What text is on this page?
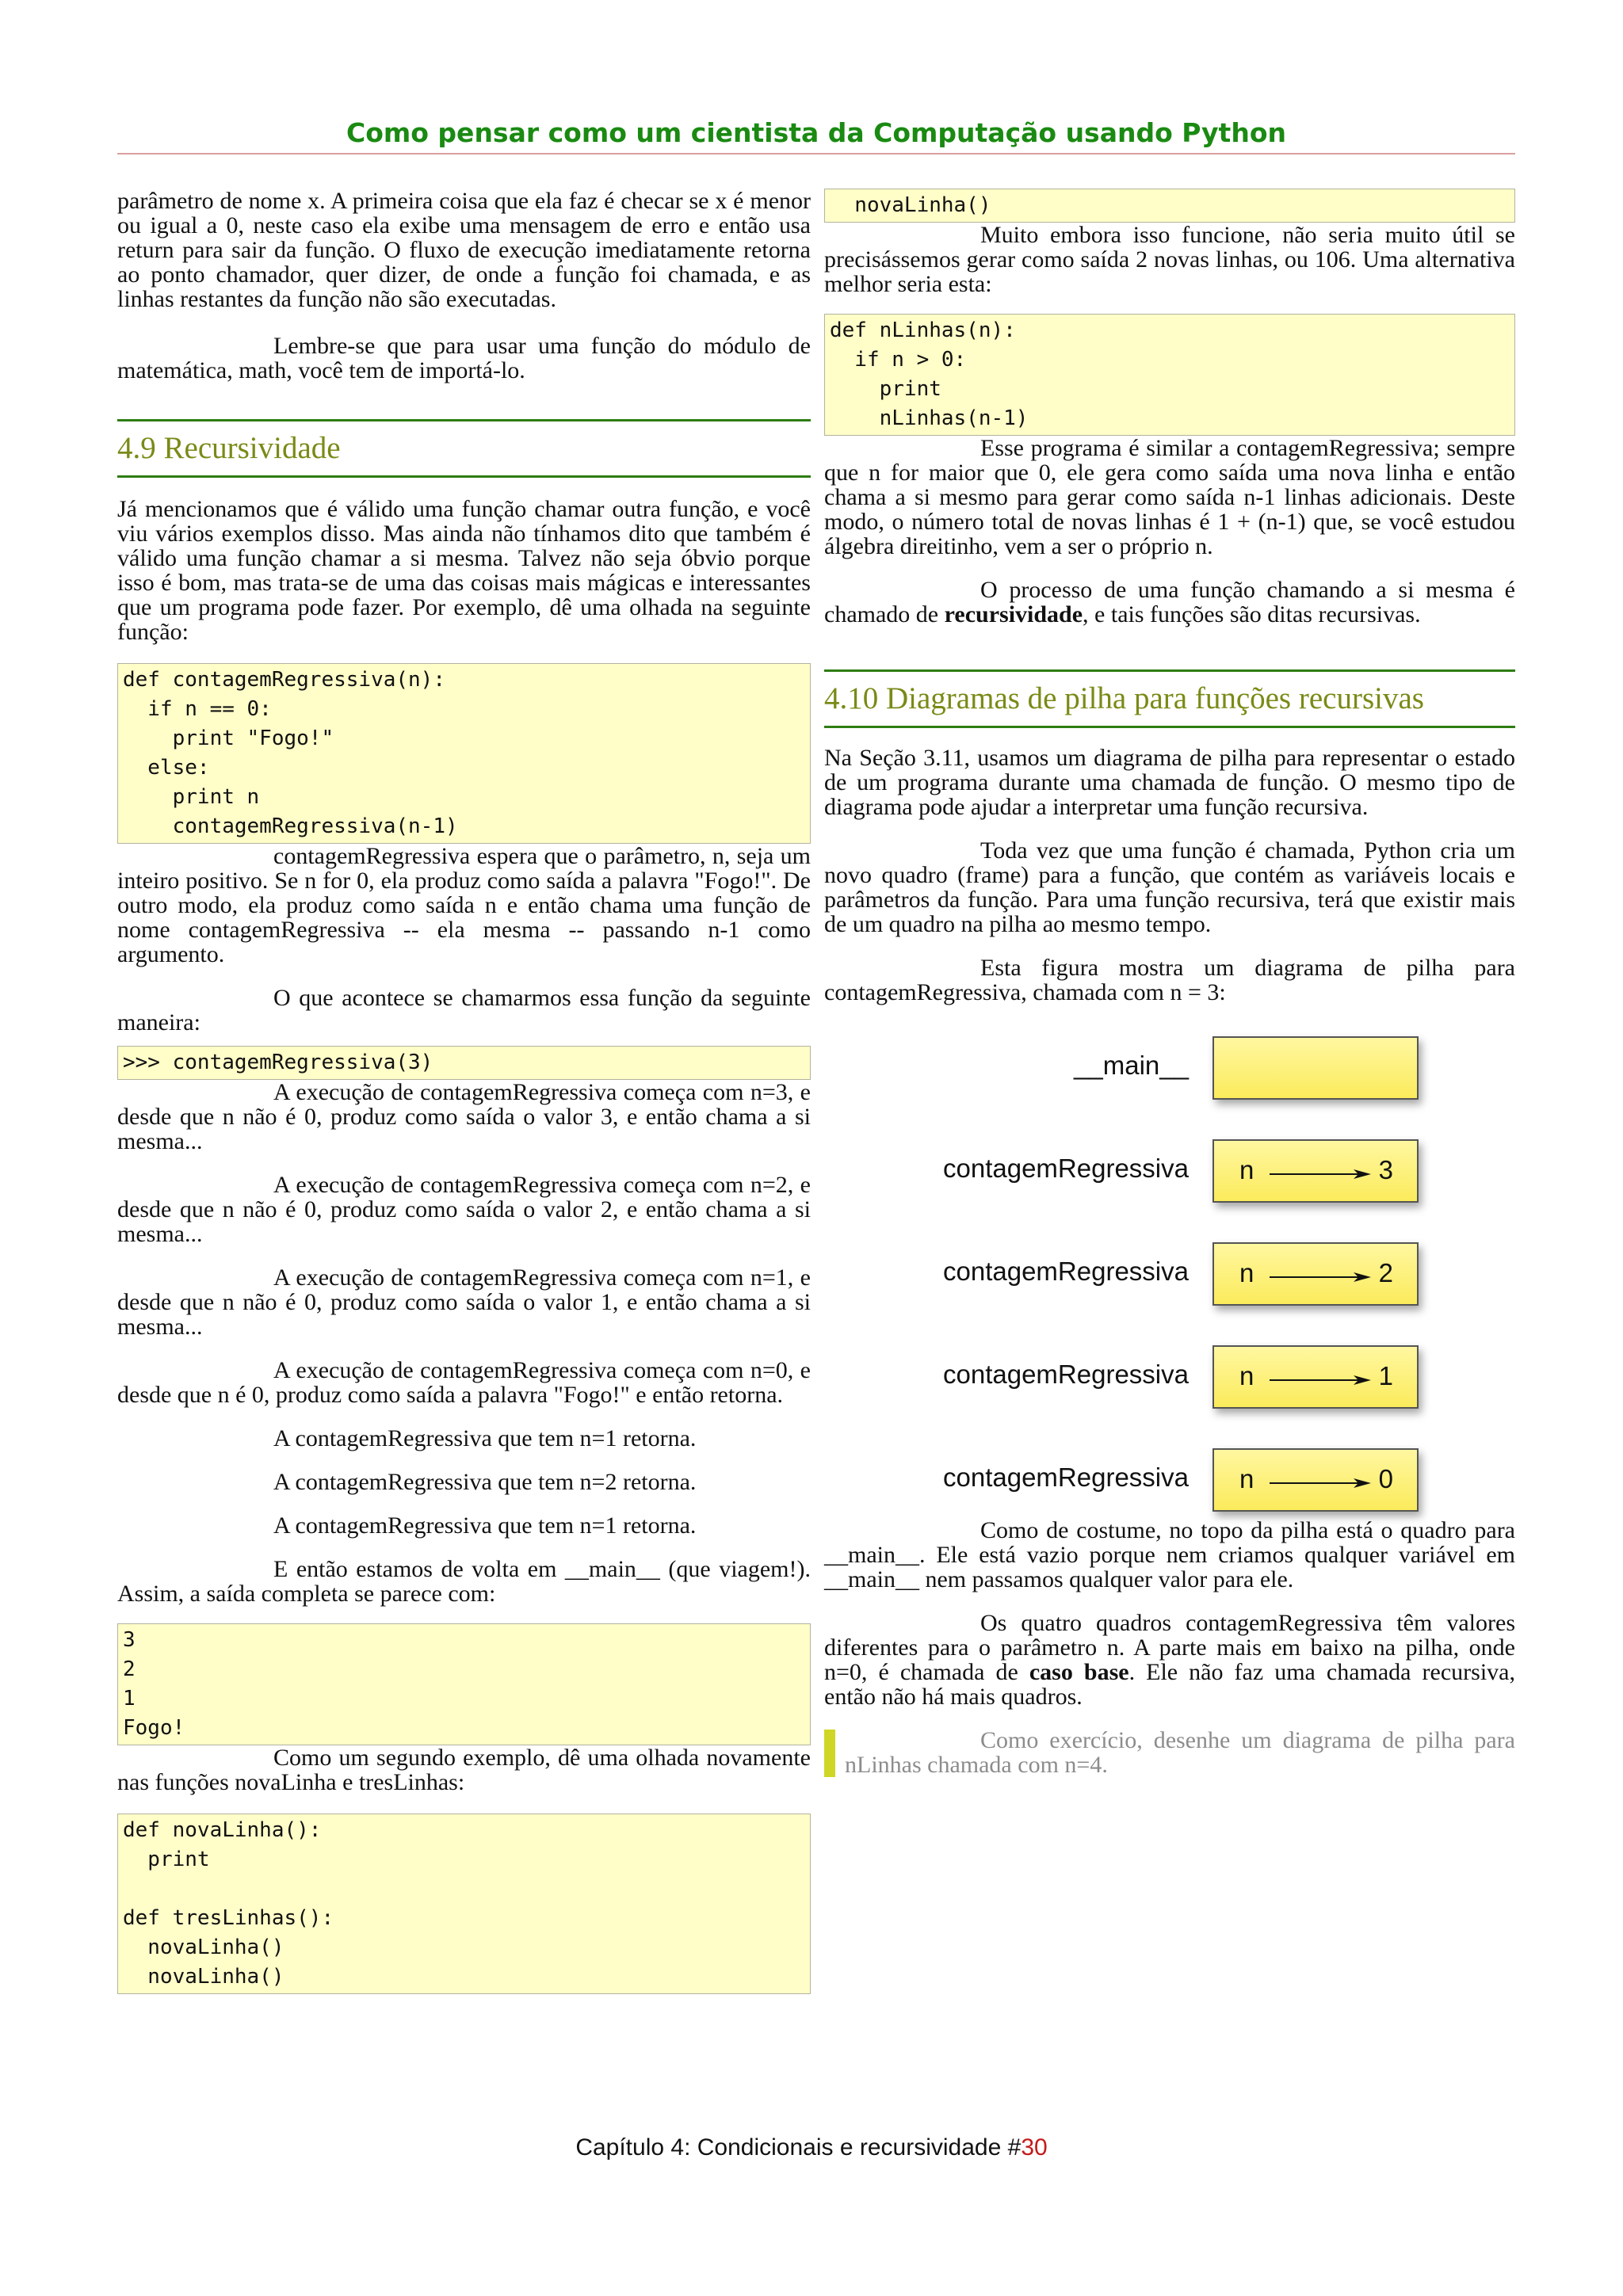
Como pensar como um cientista da Computação usando Python

parâmetro de nome x. A primeira coisa que ela faz é checar se x é menor ou igual a 0, neste caso ela exibe uma mensagem de erro e então usa return para sair da função. O fluxo de execução imediatamente retorna ao ponto chamador, quer dizer, de onde a função foi chamada, e as linhas restantes da função não são executadas.

Lembre-se que para usar uma função do módulo de matemática, math, você tem de importá-lo.

4.9 Recursividade

Já mencionamos que é válido uma função chamar outra função, e você viu vários exemplos disso. Mas ainda não tínhamos dito que também é válido uma função chamar a si mesma. Talvez não seja óbvio porque isso é bom, mas trata-se de uma das coisas mais mágicas e interessantes que um programa pode fazer. Por exemplo, dê uma olhada na seguinte função:

def contagemRegressiva(n):
if n == 0:
print "Fogo!"
else:
print n
contagemRegressiva(n-1)

contagemRegressiva espera que o parâmetro, n, seja um inteiro positivo. Se n for 0, ela produz como saída a palavra "Fogo!". De outro modo, ela produz como saída n e então chama uma função de nome contagemRegressiva -- ela mesma -- passando n-1 como argumento.

O que acontece se chamarmos essa função da seguinte maneira:

>>> contagemRegressiva(3)

A execução de contagemRegressiva começa com n=3, e desde que n não é 0, produz como saída o valor 3, e então chama a si mesma...

A execução de contagemRegressiva começa com n=2, e desde que n não é 0, produz como saída o valor 2, e então chama a si mesma...

A execução de contagemRegressiva começa com n=1, e desde que n não é 0, produz como saída o valor 1, e então chama a si mesma...

A execução de contagemRegressiva começa com n=0, e desde que n é 0, produz como saída a palavra "Fogo!" e então retorna.

A contagemRegressiva que tem n=1 retorna.

A contagemRegressiva que tem n=2 retorna.

A contagemRegressiva que tem n=1 retorna.

E então estamos de volta em __main__ (que viagem!). Assim, a saída completa se parece com:

3
2
1
Fogo!

Como um segundo exemplo, dê uma olhada novamente nas funções novaLinha e tresLinhas:

def novaLinha():
print

def tresLinhas():
novaLinha()
novaLinha()
novaLinha()

Muito embora isso funcione, não seria muito útil se precisássemos gerar como saída 2 novas linhas, ou 106. Uma alternativa melhor seria esta:

def nLinhas(n):
if n > 0:
print
nLinhas(n-1)

Esse programa é similar a contagemRegressiva; sempre que n for maior que 0, ele gera como saída uma nova linha e então chama a si mesmo para gerar como saída n-1 linhas adicionais. Deste modo, o número total de novas linhas é 1 + (n-1) que, se você estudou álgebra direitinho, vem a ser o próprio n.

O processo de uma função chamando a si mesma é chamado de recursividade, e tais funções são ditas recursivas.

4.10 Diagramas de pilha para funções recursivas

Na Seção 3.11, usamos um diagrama de pilha para representar o estado de um programa durante uma chamada de função. O mesmo tipo de diagrama pode ajudar a interpretar uma função recursiva.

Toda vez que uma função é chamada, Python cria um novo quadro (frame) para a função, que contém as variáveis locais e parâmetros da função. Para uma função recursiva, terá que existir mais de um quadro na pilha ao mesmo tempo.

Esta figura mostra um diagrama de pilha para contagemRegressiva, chamada com n = 3:

__main__
contagemRegressiva n	3
contagemRegressiva n	2
contagemRegressiva n	1
contagemRegressiva n	0

Como de costume, no topo da pilha está o quadro para __main__. Ele está vazio porque nem criamos qualquer variável em __main__ nem passamos qualquer valor para ele.

Os quatro quadros contagemRegressiva têm valores diferentes para o parâmetro n. A parte mais em baixo na pilha, onde n=0, é chamada de caso base. Ele não faz uma chamada recursiva, então não há mais quadros.

Como exercício, desenhe um diagrama de pilha para nLinhas chamada com n=4.

Capítulo 4: Condicionais e recursividade #30
